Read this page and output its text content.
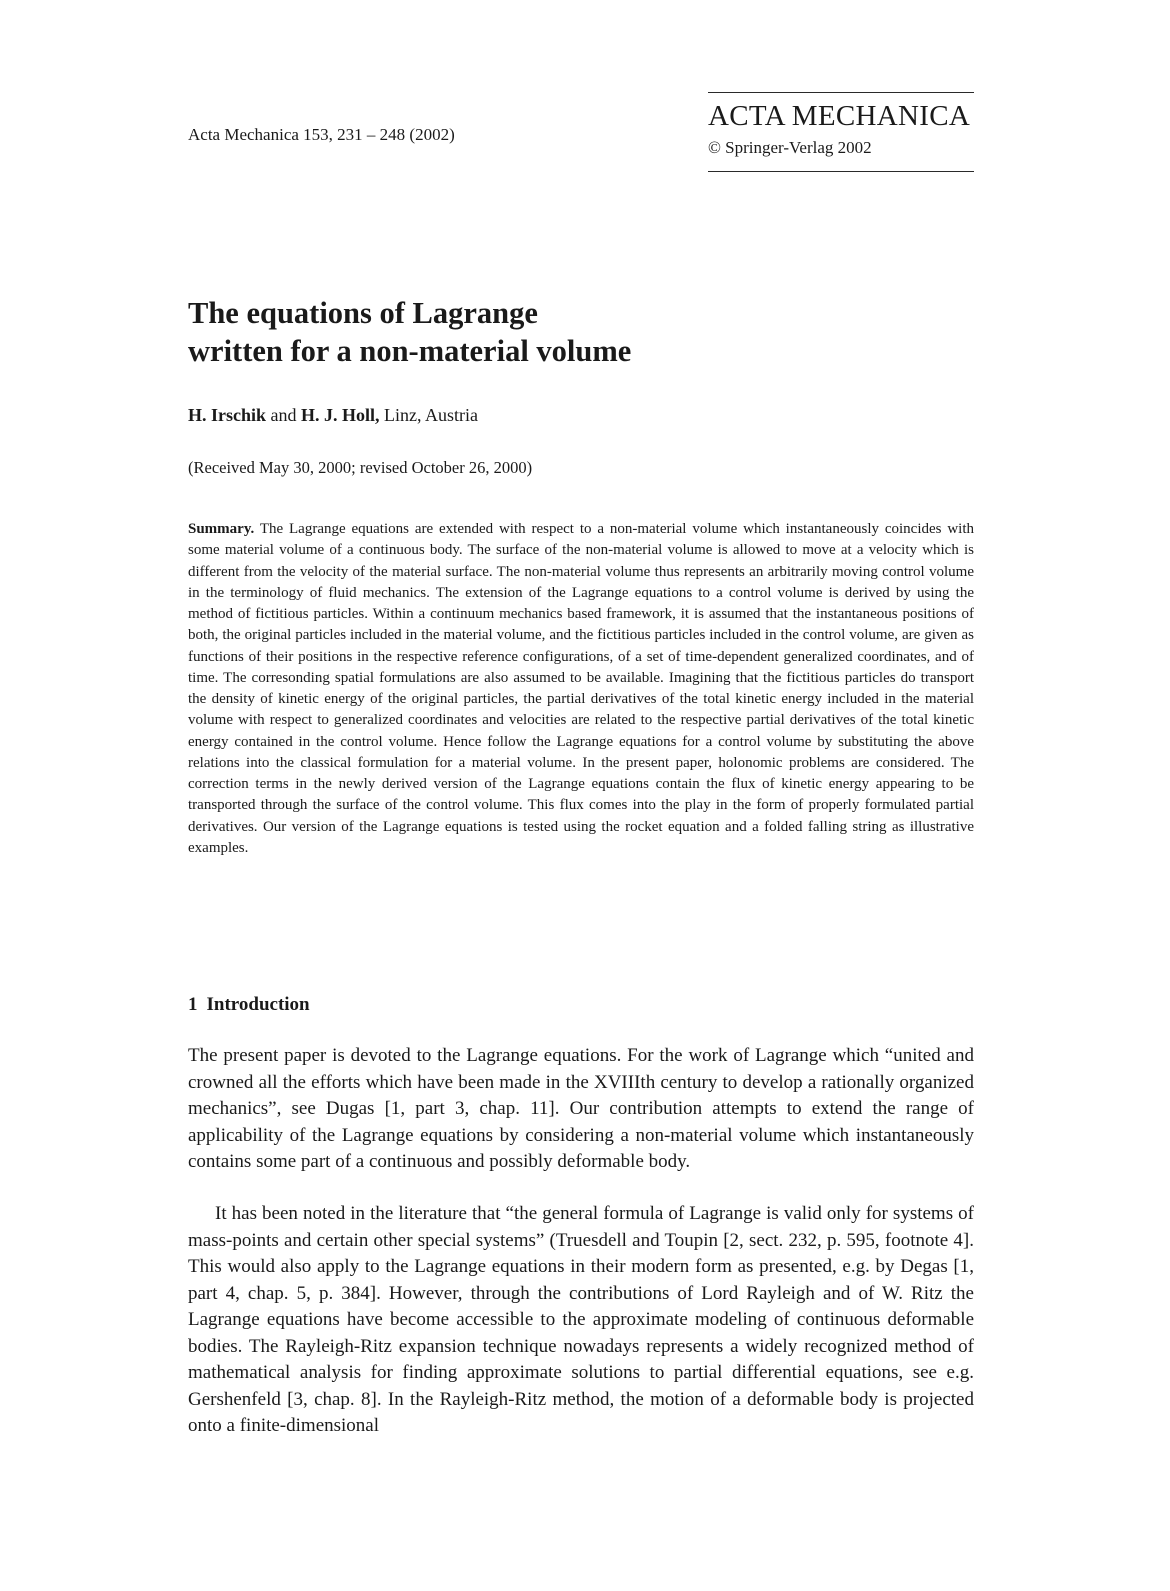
Acta Mechanica 153, 231 – 248 (2002)
ACTA MECHANICA
© Springer-Verlag 2002
The equations of Lagrange
written for a non-material volume
H. Irschik and H. J. Holl, Linz, Austria
(Received May 30, 2000; revised October 26, 2000)

Summary. The Lagrange equations are extended with respect to a non-material volume which instantaneously coincides with some material volume of a continuous body. The surface of the non-material volume is allowed to move at a velocity which is different from the velocity of the material surface. The non-material volume thus represents an arbitrarily moving control volume in the terminology of fluid mechanics. The extension of the Lagrange equations to a control volume is derived by using the method of fictitious particles. Within a continuum mechanics based framework, it is assumed that the instantaneous positions of both, the original particles included in the material volume, and the fictitious particles included in the control volume, are given as functions of their positions in the respective reference configurations, of a set of time-dependent generalized coordinates, and of time. The corresonding spatial formulations are also assumed to be available. Imagining that the fictitious particles do transport the density of kinetic energy of the original particles, the partial derivatives of the total kinetic energy included in the material volume with respect to generalized coordinates and velocities are related to the respective partial derivatives of the total kinetic energy contained in the control volume. Hence follow the Lagrange equations for a control volume by substituting the above relations into the classical formulation for a material volume. In the present paper, holonomic problems are considered. The correction terms in the newly derived version of the Lagrange equations contain the flux of kinetic energy appearing to be transported through the surface of the control volume. This flux comes into the play in the form of properly formulated partial derivatives. Our version of the Lagrange equations is tested using the rocket equation and a folded falling string as illustrative examples.

1 Introduction

The present paper is devoted to the Lagrange equations. For the work of Lagrange which “united and crowned all the efforts which have been made in the XVIIIth century to develop a rationally organized mechanics”, see Dugas [1, part 3, chap. 11]. Our contribution attempts to extend the range of applicability of the Lagrange equations by considering a non-material volume which instantaneously contains some part of a continuous and possibly deformable body.

It has been noted in the literature that “the general formula of Lagrange is valid only for systems of mass-points and certain other special systems” (Truesdell and Toupin [2, sect. 232, p. 595, footnote 4]. This would also apply to the Lagrange equations in their modern form as presented, e.g. by Degas [1, part 4, chap. 5, p. 384]. However, through the contributions of Lord Rayleigh and of W. Ritz the Lagrange equations have become accessible to the approximate modeling of continuous deformable bodies. The Rayleigh-Ritz expansion technique nowadays represents a widely recognized method of mathematical analysis for finding approximate solutions to partial differential equations, see e.g. Gershenfeld [3, chap. 8]. In the Rayleigh-Ritz method, the motion of a deformable body is projected onto a finite-dimensional
